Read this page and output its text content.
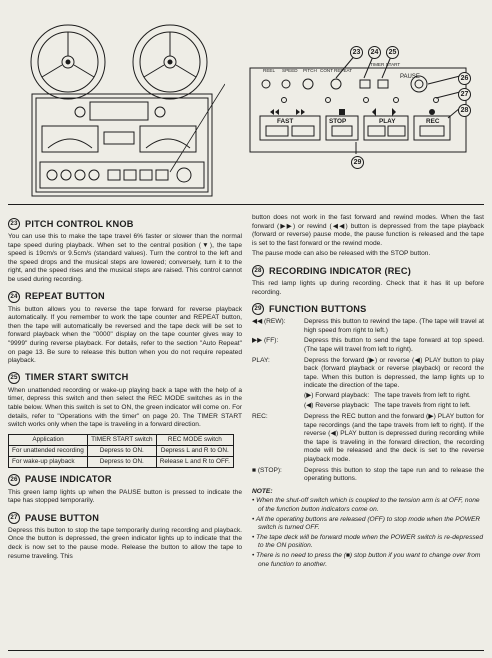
REEL SPEED PITCH CONT REPEAT
TIMER START
PAUSE
FAST	STOP	PLAY	REC
23	24	25
26
27
28
29
23 PITCH CONTROL KNOB

You can use this to make the tape travel 6% faster or slower than the normal tape speed during playback. When set to the central position (▼), the tape speed is 19cm/s or 9.5cm/s (standard values). Turn the control to the left and the speed drops and the musical steps are lowered; conversely, turn it to the right, and the speed rises and the musical steps are raised. This control cannot be used during recording.

24 REPEAT BUTTON

This button allows you to reverse the tape forward for reverse playback automatically. If you remember to work the tape counter and REPEAT button, then the tape will automatically be reversed and the tape deck will be set to forward playback when the "0000" display on the tape counter gives way to "9999" during reverse playback. For details, refer to the section "Auto Repeat" on page 13. Be sure to release this button when you do not require repeated playback.

25 TIMER START SWITCH

When unattended recording or wake-up playing back a tape with the help of a timer, depress this switch and then select the REC MODE switches as in the table below. When this switch is set to ON, the green indicator will come on. For details, refer to "Operations with the timer" on page 20. The TIMER START switch works only when the tape is traveling in a forward direction.

Application	TIMER START switch	REC MODE switch
For unattended recording	Depress to ON.	Depress L and R to ON.
For wake-up playback	Depress to ON.	Release L and R to OFF.
26 PAUSE INDICATOR

This green lamp lights up when the PAUSE button is pressed to indicate the tape has stopped temporarily.

27 PAUSE BUTTON

Depress this button to stop the tape temporarily during recording and playback. Once the button is depressed, the green indicator lights up to indicate that the deck is now set to the pause mode. Release the button to allow the tape to resume traveling. This

button does not work in the fast forward and rewind modes. When the fast forward (▶▶) or rewind (◀◀) button is depressed from the tape playback (forward or reverse) pause mode, the pause function is released and the tape is set to the fast forward or the rewind mode.

The pause mode can also be released with the STOP button.

28 RECORDING INDICATOR (REC)

This red lamp lights up during recording. Check that it has lit up before recording.

29 FUNCTION BUTTONS
◀◀ (REW):	Depress this button to rewind the tape. (The tape will travel at high speed from right to left.)
▶▶ (FF):	Depress this button to send the tape forward at top speed. (The tape will travel from left to right).
PLAY:	Depress the forward (▶) or reverse (◀) PLAY button to play back (forward playback or reverse playback) or record the tape. When this button is depressed, the lamp lights up to indicate the direction of the tape.
(▶) Forward playback: The tape travels from left to right.
(◀) Reverse playback: The tape travels from right to left.
REC:	Depress the REC button and the forward (▶) PLAY button for tape recordings (and the tape travels from left to right). If the reverse (◀) PLAY button is depressed during recording while the tape is traveling in the forward direction, the recording mode will be released and the deck is set to the reverse playback mode.
■ (STOP):	Depress this button to stop the tape run and to release the operating buttons.
NOTE:
• When the shut-off switch which is coupled to the tension arm is at OFF, none of the function button indicators come on.
• All the operating buttons are released (OFF) to stop mode when the POWER switch is turned OFF.
• The tape deck will be forward mode when the POWER switch is re-depressed to the ON position.
• There is no need to press the (■) stop button if you want to change over from one function to another.
